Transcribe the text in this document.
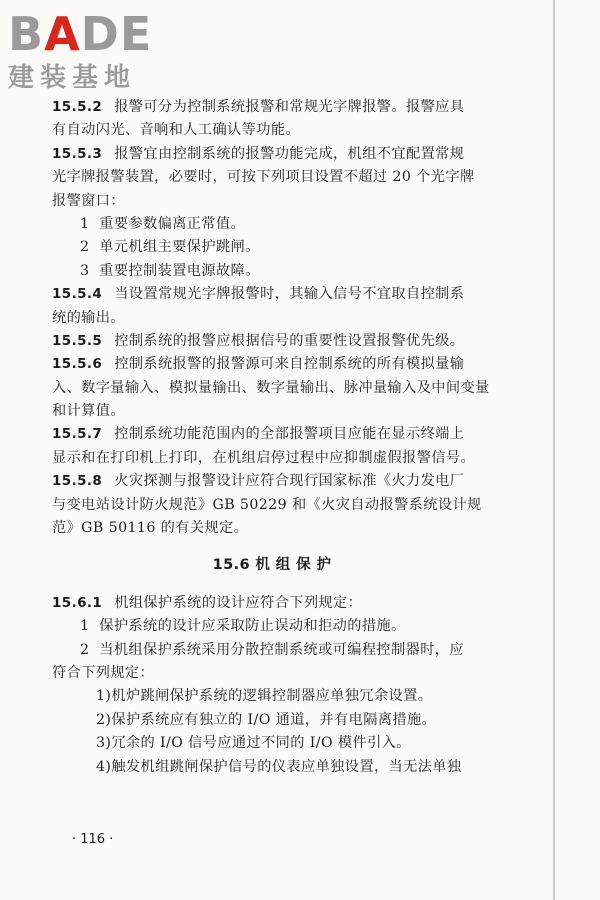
BADE
建装基地
15.5.2 报警可分为控制系统报警和常规光字牌报警。报警应具
有自动闪光、音响和人工确认等功能。
15.5.3 报警宜由控制系统的报警功能完成，机组不宜配置常规
光字牌报警装置，必要时，可按下列项目设置不超过 20 个光字牌
报警窗口：
1 重要参数偏离正常值。
2 单元机组主要保护跳闸。
3 重要控制装置电源故障。
15.5.4 当设置常规光字牌报警时，其输入信号不宜取自控制系
统的输出。
15.5.5 控制系统的报警应根据信号的重要性设置报警优先级。
15.5.6 控制系统报警的报警源可来自控制系统的所有模拟量输
入、数字量输入、模拟量输出、数字量输出、脉冲量输入及中间变量
和计算值。
15.5.7 控制系统功能范围内的全部报警项目应能在显示终端上
显示和在打印机上打印，在机组启停过程中应抑制虚假报警信号。
15.5.8 火灾探测与报警设计应符合现行国家标准《火力发电厂
与变电站设计防火规范》GB 50229 和《火灾自动报警系统设计规
范》GB 50116 的有关规定。
15.6 机 组 保 护
15.6.1 机组保护系统的设计应符合下列规定：
1 保护系统的设计应采取防止误动和拒动的措施。
2 当机组保护系统采用分散控制系统或可编程控制器时，应
符合下列规定：
1)机炉跳闸保护系统的逻辑控制器应单独冗余设置。
2)保护系统应有独立的 I/O 通道，并有电隔离措施。
3)冗余的 I/O 信号应通过不同的 I/O 模件引入。
4)触发机组跳闸保护信号的仪表应单独设置，当无法单独
· 116 ·
